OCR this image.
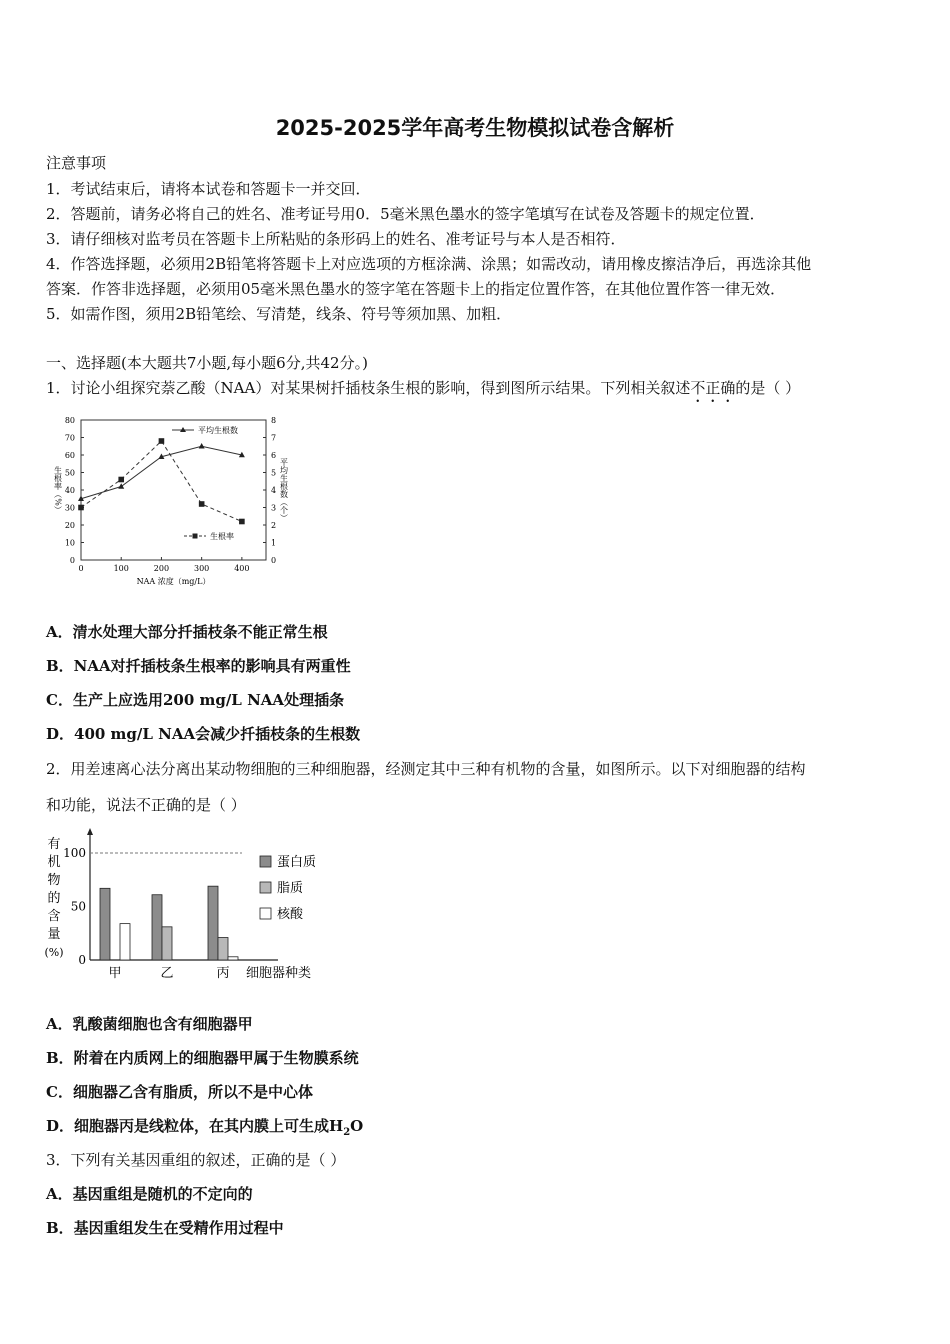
2025-2025学年高考生物模拟试卷含解析
注意事项
1．考试结束后，请将本试卷和答题卡一并交回．
2．答题前，请务必将自己的姓名、准考证号用0．5毫米黑色墨水的签字笔填写在试卷及答题卡的规定位置．
3．请仔细核对监考员在答题卡上所粘贴的条形码上的姓名、准考证号与本人是否相符．
4．作答选择题，必须用2B铅笔将答题卡上对应选项的方框涂满、涂黑；如需改动，请用橡皮擦洁净后，再选涂其他
答案．作答非选择题，必须用05毫米黑色墨水的签字笔在答题卡上的指定位置作答，在其他位置作答一律无效．
5．如需作图，须用2B铅笔绘、写清楚，线条、符号等须加黑、加粗．
一、选择题(本大题共7小题,每小题6分,共42分。)
1．讨论小组探究萘乙酸（NAA）对某果树扦插枝条生根的影响，得到图所示结果。下列相关叙述不正确的是（ ）
0
10
20
30
40
50
60
70
80
0
1
2
3
4
5
6
7
8
0	100	200	300	400
NAA 浓度（mg/L）
生根率（%）	平均生根数（个）
平均生根数
生根率
A．清水处理大部分扦插枝条不能正常生根
B．NAA对扦插枝条生根率的影响具有两重性
C．生产上应选用200 mg/L NAA处理插条
D．400 mg/L NAA会减少扦插枝条的生根数
2．用差速离心法分离出某动物细胞的三种细胞器，经测定其中三种有机物的含量，如图所示。以下对细胞器的结构
和功能，说法不正确的是（ ）
0
50
100
有机物的含量(%)
甲	乙	丙 细胞器种类
蛋白质
脂质
核酸
A．乳酸菌细胞也含有细胞器甲
B．附着在内质网上的细胞器甲属于生物膜系统
C．细胞器乙含有脂质，所以不是中心体
D．细胞器丙是线粒体，在其内膜上可生成$H_2O$
3．下列有关基因重组的叙述，正确的是（ ）
A．基因重组是随机的不定向的
B．基因重组发生在受精作用过程中
